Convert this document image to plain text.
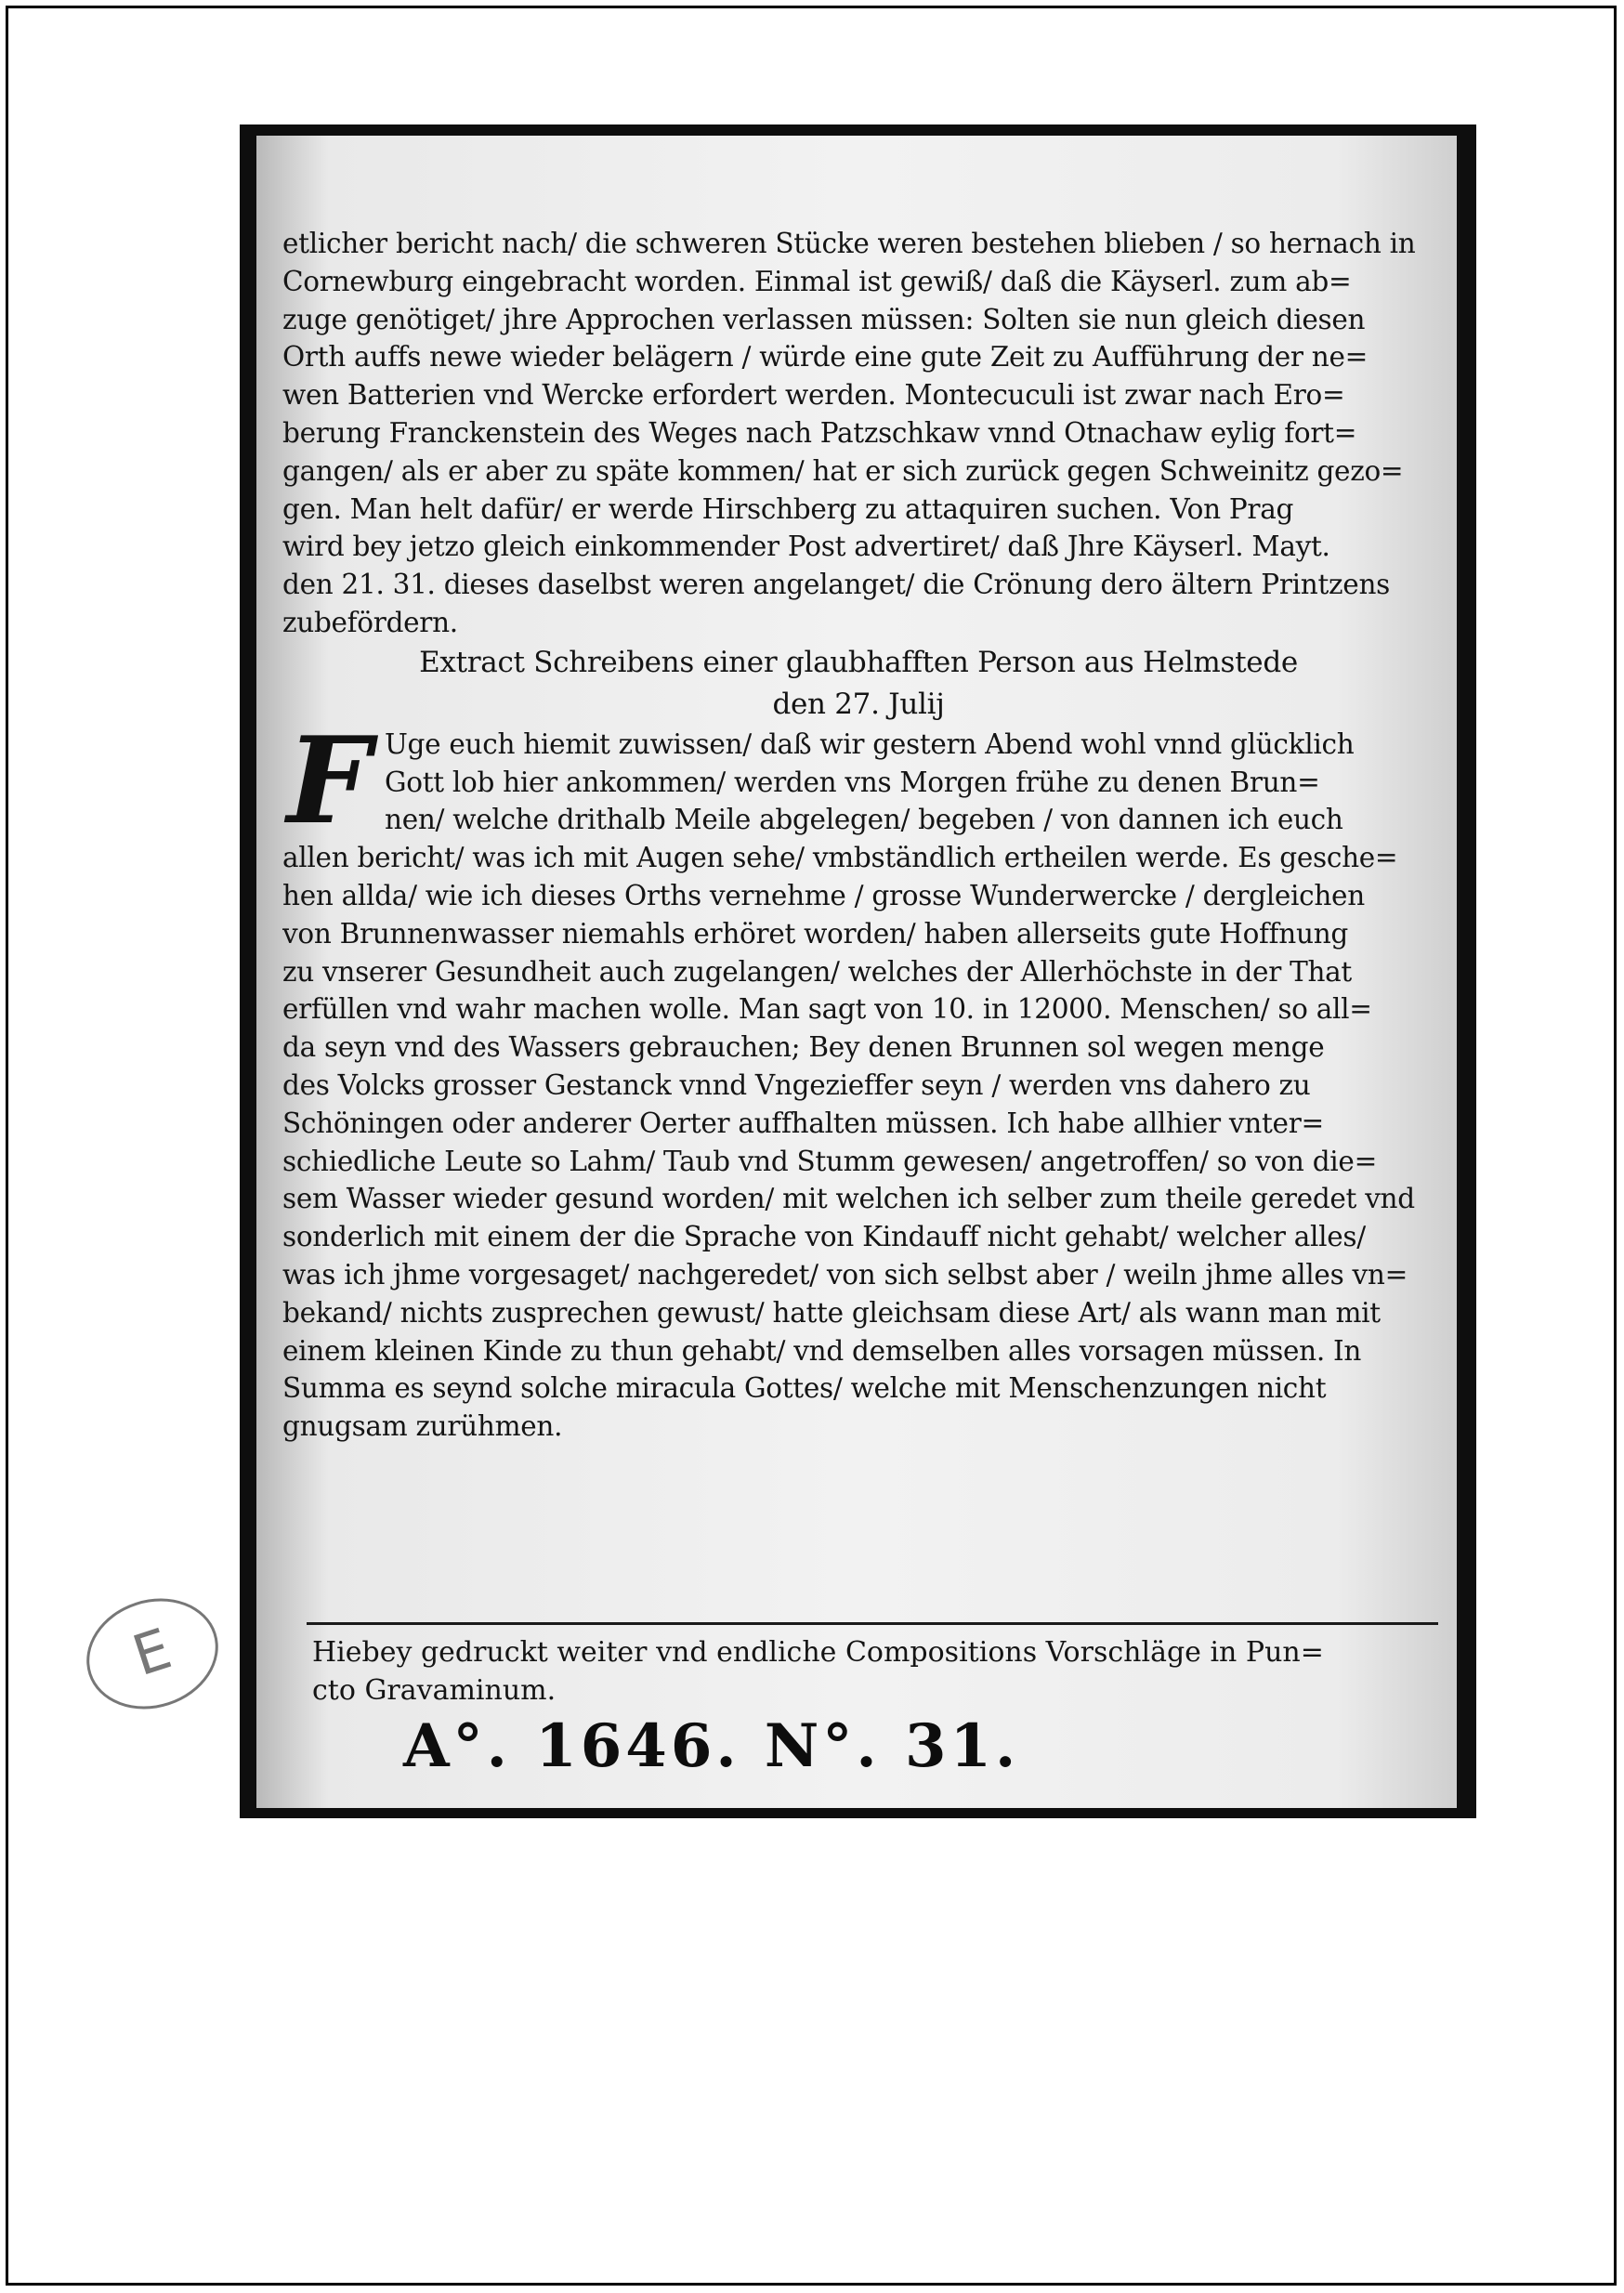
E
etlicher bericht nach/ die schweren Stücke weren bestehen blieben / so hernach in
Cornewburg eingebracht worden. Einmal ist gewiß/ daß die Käyserl. zum ab=
zuge genötiget/ jhre Approchen verlassen müssen: Solten sie nun gleich diesen
Orth auffs newe wieder belägern / würde eine gute Zeit zu Aufführung der ne=
wen Batterien vnd Wercke erfordert werden. Montecuculi ist zwar nach Ero=
berung Franckenstein des Weges nach Patzschkaw vnnd Otnachaw eylig fort=
gangen/ als er aber zu späte kommen/ hat er sich zurück gegen Schweinitz gezo=
gen. Man helt dafür/ er werde Hirschberg zu attaquiren suchen. Von Prag
wird bey jetzo gleich einkommender Post advertiret/ daß Jhre Käyserl. Mayt.
den 21. 31. dieses daselbst weren angelanget/ die Crönung dero ältern Printzens
zubefördern.
Extract Schreibens einer glaubhafften Person aus Helmstede
den 27. Julij
F Uge euch hiemit zuwissen/ daß wir gestern Abend wohl vnnd glücklich
Gott lob hier ankommen/ werden vns Morgen frühe zu denen Brun=
nen/ welche drithalb Meile abgelegen/ begeben / von dannen ich euch
allen bericht/ was ich mit Augen sehe/ vmbständlich ertheilen werde. Es gesche=
hen allda/ wie ich dieses Orths vernehme / grosse Wunderwercke / dergleichen
von Brunnenwasser niemahls erhöret worden/ haben allerseits gute Hoffnung
zu vnserer Gesundheit auch zugelangen/ welches der Allerhöchste in der That
erfüllen vnd wahr machen wolle. Man sagt von 10. in 12000. Menschen/ so all=
da seyn vnd des Wassers gebrauchen; Bey denen Brunnen sol wegen menge
des Volcks grosser Gestanck vnnd Vngezieffer seyn / werden vns dahero zu
Schöningen oder anderer Oerter auffhalten müssen. Ich habe allhier vnter=
schiedliche Leute so Lahm/ Taub vnd Stumm gewesen/ angetroffen/ so von die=
sem Wasser wieder gesund worden/ mit welchen ich selber zum theile geredet vnd
sonderlich mit einem der die Sprache von Kindauff nicht gehabt/ welcher alles/
was ich jhme vorgesaget/ nachgeredet/ von sich selbst aber / weiln jhme alles vn=
bekand/ nichts zusprechen gewust/ hatte gleichsam diese Art/ als wann man mit
einem kleinen Kinde zu thun gehabt/ vnd demselben alles vorsagen müssen. In
Summa es seynd solche miracula Gottes/ welche mit Menschenzungen nicht
gnugsam zurühmen.
Hiebey gedruckt weiter vnd endliche Compositions Vorschläge in Pun=
cto Gravaminum.
A°. 1646. N°. 31.
